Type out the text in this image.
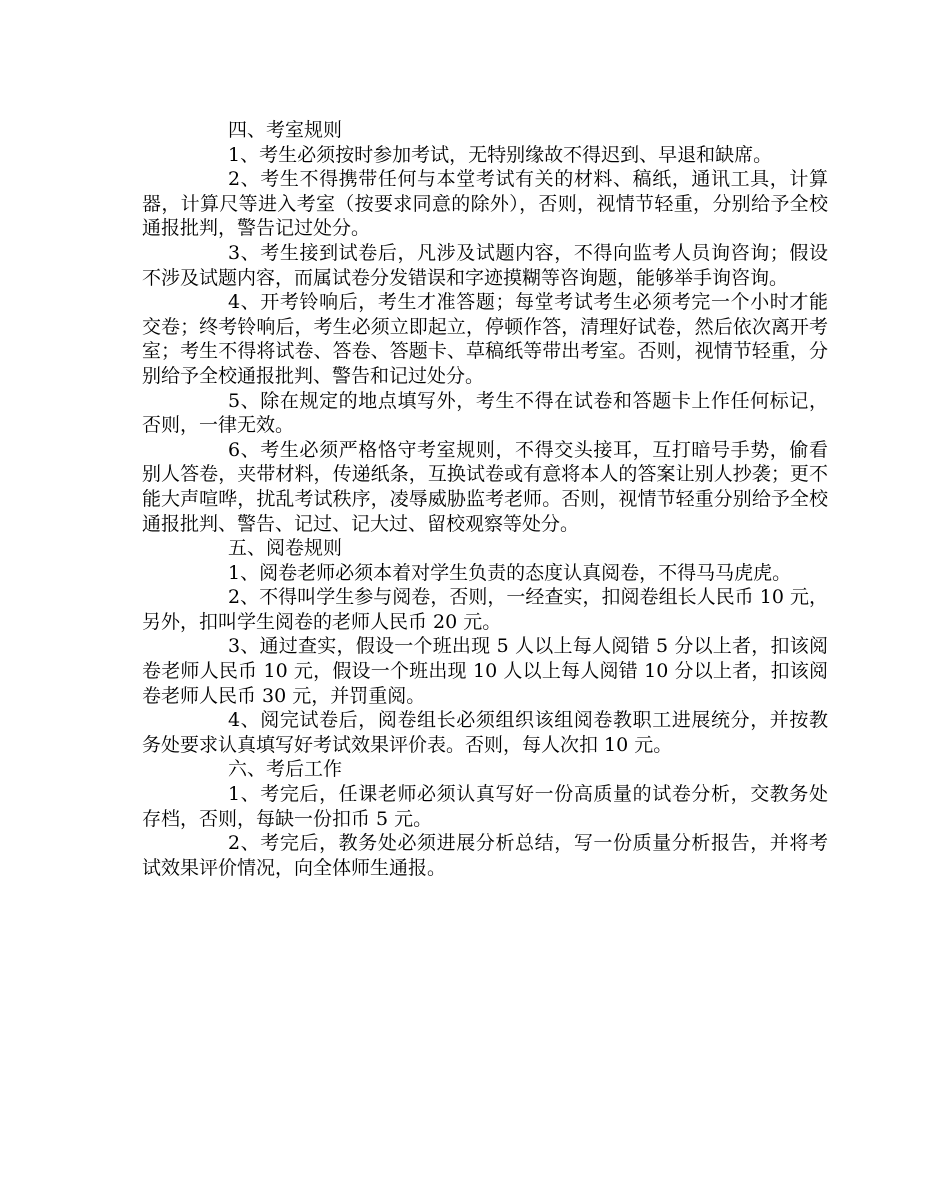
四、考室规则

1、考生必须按时参加考试，无特别缘故不得迟到、早退和缺席。

2、考生不得携带任何与本堂考试有关的材料、稿纸，通讯工具，计算器，计算尺等进入考室（按要求同意的除外），否则，视情节轻重，分别给予全校通报批判，警告记过处分。

3、考生接到试卷后，凡涉及试题内容，不得向监考人员询咨询；假设不涉及试题内容，而属试卷分发错误和字迹摸糊等咨询题，能够举手询咨询。

4、开考铃响后，考生才准答题；每堂考试考生必须考完一个小时才能交卷；终考铃响后，考生必须立即起立，停顿作答，清理好试卷，然后依次离开考室；考生不得将试卷、答卷、答题卡、草稿纸等带出考室。否则，视情节轻重，分别给予全校通报批判、警告和记过处分。

5、除在规定的地点填写外，考生不得在试卷和答题卡上作任何标记，否则，一律无效。

6、考生必须严格恪守考室规则，不得交头接耳，互打暗号手势，偷看别人答卷，夹带材料，传递纸条，互换试卷或有意将本人的答案让别人抄袭；更不能大声喧哗，扰乱考试秩序，凌辱威胁监考老师。否则，视情节轻重分别给予全校通报批判、警告、记过、记大过、留校观察等处分。

五、阅卷规则

1、阅卷老师必须本着对学生负责的态度认真阅卷，不得马马虎虎。

2、不得叫学生参与阅卷，否则，一经查实，扣阅卷组长人民币 10 元，另外，扣叫学生阅卷的老师人民币 20 元。

3、通过查实，假设一个班出现 5 人以上每人阅错 5 分以上者，扣该阅卷老师人民币 10 元，假设一个班出现 10 人以上每人阅错 10 分以上者，扣该阅卷老师人民币 30 元，并罚重阅。

4、阅完试卷后，阅卷组长必须组织该组阅卷教职工进展统分，并按教务处要求认真填写好考试效果评价表。否则，每人次扣 10 元。

六、考后工作

1、考完后，任课老师必须认真写好一份高质量的试卷分析，交教务处存档，否则，每缺一份扣币 5 元。

2、考完后，教务处必须进展分析总结，写一份质量分析报告，并将考试效果评价情况，向全体师生通报。
